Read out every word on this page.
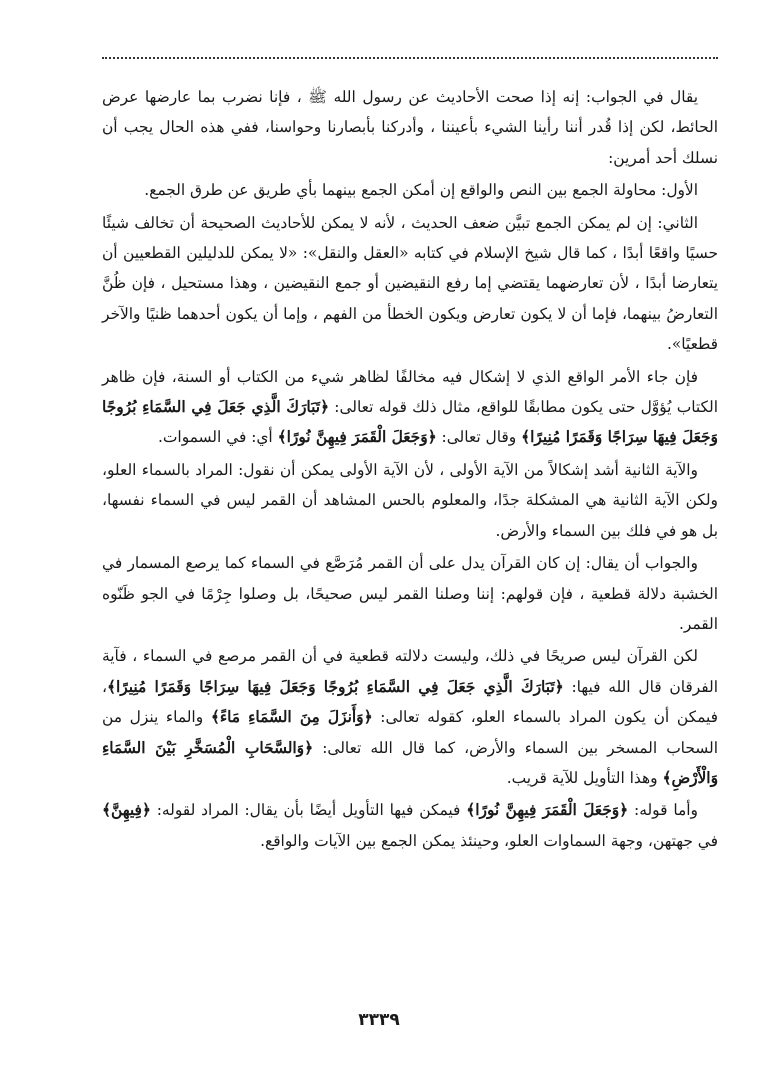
يقال في الجواب: إنه إذا صحت الأحاديث عن رسول الله ﷺ ، فإنا نضرب بما عارضها عرض الحائط، لكن إذا قُدر أننا رأينا الشيء بأعيننا ، وأدركنا بأبصارنا وحواسنا، ففي هذه الحال يجب أن نسلك أحد أمرين:

الأول: محاولة الجمع بين النص والواقع إن أمكن الجمع بينهما بأي طريق عن طرق الجمع.

الثاني: إن لم يمكن الجمع تبيَّن ضعف الحديث ، لأنه لا يمكن للأحاديث الصحيحة أن تخالف شيئًا حسيًا واقعًا أبدًا ، كما قال شيخ الإسلام في كتابه «العقل والنقل»: «لا يمكن للدليلين القطعيين أن يتعارضا أبدًا ، لأن تعارضهما يقتضي إما رفع النقيضين أو جمع النقيضين ، وهذا مستحيل ، فإن ظُنَّ التعارضُ بينهما، فإما أن لا يكون تعارض ويكون الخطأ من الفهم ، وإما أن يكون أحدهما ظنيًا والآخر قطعيًا».

فإن جاء الأمر الواقع الذي لا إشكال فيه مخالفًا لظاهر شيء من الكتاب أو السنة، فإن ظاهر الكتاب يُؤوَّل حتى يكون مطابقًا للواقع، مثال ذلك قوله تعالى: ﴿تَبَارَكَ الَّذِي جَعَلَ فِي السَّمَاءِ بُرُوجًا وَجَعَلَ فِيهَا سِرَاجًا وَقَمَرًا مُنِيرًا﴾ وقال تعالى: ﴿وَجَعَلَ الْقَمَرَ فِيهِنَّ نُورًا﴾ أي: في السموات.

والآية الثانية أشد إشكالاً من الآية الأولى ، لأن الآية الأولى يمكن أن نقول: المراد بالسماء العلو، ولكن الآية الثانية هي المشكلة جدًا، والمعلوم بالحس المشاهد أن القمر ليس في السماء نفسها، بل هو في فلك بين السماء والأرض.

والجواب أن يقال: إن كان القرآن يدل على أن القمر مُرَصَّع في السماء كما يرصع المسمار في الخشبة دلالة قطعية ، فإن قولهم: إننا وصلنا القمر ليس صحيحًا، بل وصلوا جِرْمًا في الجو ظَنّوه القمر.

لكن القرآن ليس صريحًا في ذلك، وليست دلالته قطعية في أن القمر مرصع في السماء ، فآية الفرقان قال الله فيها: ﴿تَبَارَكَ الَّذِي جَعَلَ فِي السَّمَاءِ بُرُوجًا وَجَعَلَ فِيهَا سِرَاجًا وَقَمَرًا مُنِيرًا﴾، فيمكن أن يكون المراد بالسماء العلو، كقوله تعالى: ﴿وَأَنزَلَ مِنَ السَّمَاءِ مَاءً﴾ والماء ينزل من السحاب المسخر بين السماء والأرض، كما قال الله تعالى: ﴿وَالسَّحَابِ الْمُسَخَّرِ بَيْنَ السَّمَاءِ وَالْأَرْضِ﴾ وهذا التأويل للآية قريب.

وأما قوله: ﴿وَجَعَلَ الْقَمَرَ فِيهِنَّ نُورًا﴾ فيمكن فيها التأويل أيضًا بأن يقال: المراد لقوله: ﴿فِيهِنَّ﴾ في جهتهن، وجهة السماوات العلو، وحينئذ يمكن الجمع بين الآيات والواقع.

٣٣٣٩
